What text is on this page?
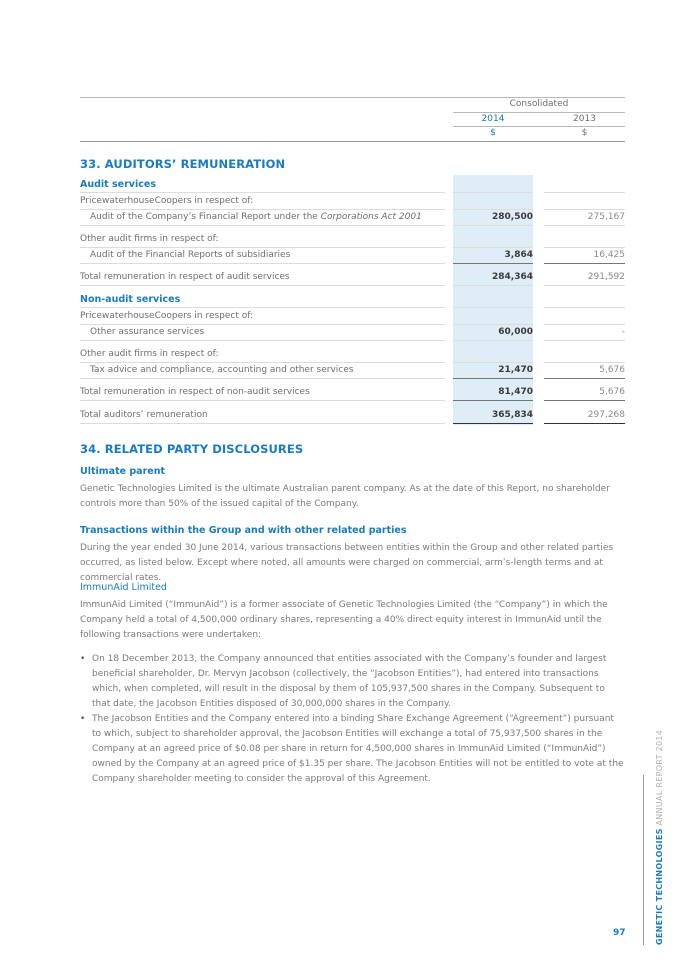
Consolidated
2014	2013
$	$
33. AUDITORS’ REMUNERATION
Audit services
PricewaterhouseCoopers in respect of:
Audit of the Company’s Financial Report under the Corporations Act 2001	280,500	275,167
Other audit firms in respect of:
Audit of the Financial Reports of subsidiaries	3,864	16,425
Total remuneration in respect of audit services	284,364	291,592
Non-audit services
PricewaterhouseCoopers in respect of:
Other assurance services	60,000	-
Other audit firms in respect of:
Tax advice and compliance, accounting and other services	21,470	5,676
Total remuneration in respect of non-audit services	81,470	5,676
Total auditors’ remuneration	365,834	297,268
34. RELATED PARTY DISCLOSURES
Ultimate parent
Genetic Technologies Limited is the ultimate Australian parent company. As at the date of this Report, no shareholder controls more than 50% of the issued capital of the Company.
Transactions within the Group and with other related parties
During the year ended 30 June 2014, various transactions between entities within the Group and other related parties occurred, as listed below. Except where noted, all amounts were charged on commercial, arm’s-length terms and at commercial rates.
ImmunAid Limited
ImmunAid Limited (“ImmunAid”) is a former associate of Genetic Technologies Limited (the “Company”) in which the Company held a total of 4,500,000 ordinary shares, representing a 40% direct equity interest in ImmunAid until the following transactions were undertaken:
• On 18 December 2013, the Company announced that entities associated with the Company’s founder and largest beneficial shareholder, Dr. Mervyn Jacobson (collectively, the “Jacobson Entities”), had entered into transactions which, when completed, will result in the disposal by them of 105,937,500 shares in the Company. Subsequent to that date, the Jacobson Entities disposed of 30,000,000 shares in the Company.
• The Jacobson Entities and the Company entered into a binding Share Exchange Agreement (“Agreement”) pursuant to which, subject to shareholder approval, the Jacobson Entities will exchange a total of 75,937,500 shares in the Company at an agreed price of $0.08 per share in return for 4,500,000 shares in ImmunAid Limited (“ImmunAid”) owned by the Company at an agreed price of $1.35 per share. The Jacobson Entities will not be entitled to vote at the Company shareholder meeting to consider the approval of this Agreement.
GENETIC TECHNOLOGIES ANNUAL REPORT 2014
97
